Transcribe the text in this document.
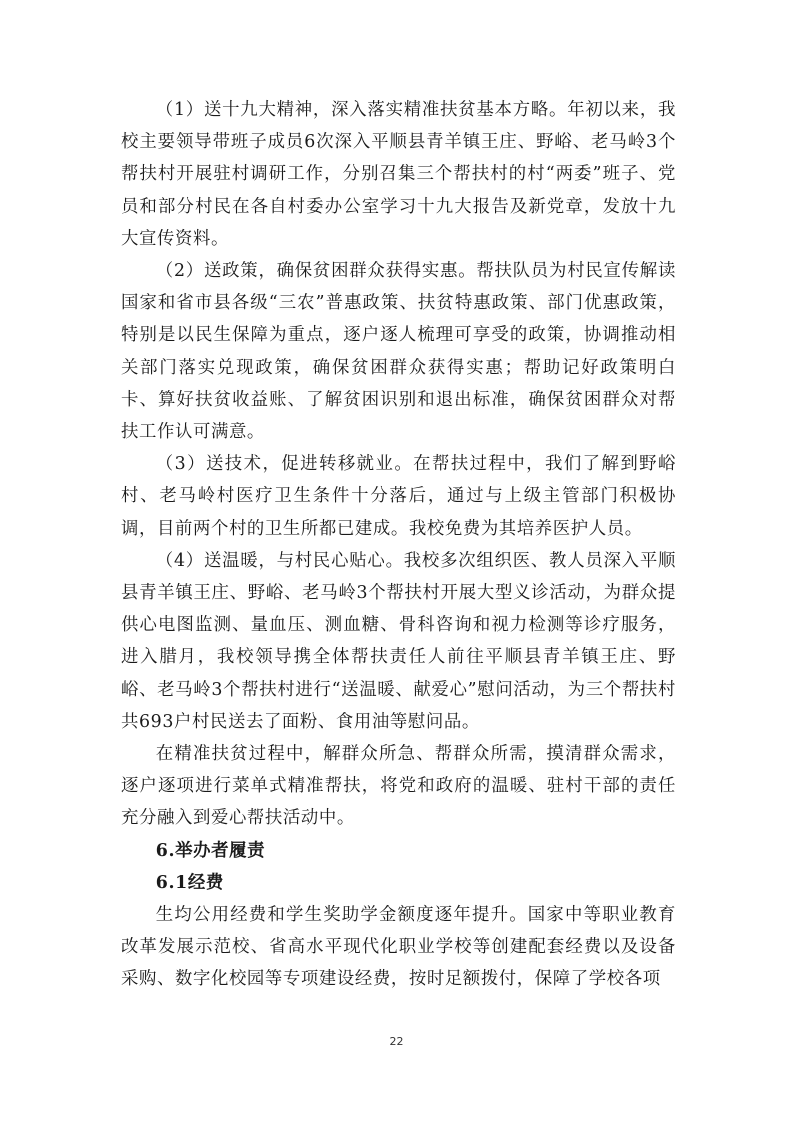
（1）送十九大精神，深入落实精准扶贫基本方略。年初以来，我校主要领导带班子成员6次深入平顺县青羊镇王庄、野峪、老马岭3个帮扶村开展驻村调研工作，分别召集三个帮扶村的村“两委”班子、党员和部分村民在各自村委办公室学习十九大报告及新党章，发放十九大宣传资料。

（2）送政策，确保贫困群众获得实惠。帮扶队员为村民宣传解读国家和省市县各级“三农”普惠政策、扶贫特惠政策、部门优惠政策，特别是以民生保障为重点，逐户逐人梳理可享受的政策，协调推动相关部门落实兑现政策，确保贫困群众获得实惠；帮助记好政策明白卡、算好扶贫收益账、了解贫困识别和退出标准，确保贫困群众对帮扶工作认可满意。

（3）送技术，促进转移就业。在帮扶过程中，我们了解到野峪村、老马岭村医疗卫生条件十分落后，通过与上级主管部门积极协调，目前两个村的卫生所都已建成。我校免费为其培养医护人员。

（4）送温暖，与村民心贴心。我校多次组织医、教人员深入平顺县青羊镇王庄、野峪、老马岭3个帮扶村开展大型义诊活动，为群众提供心电图监测、量血压、测血糖、骨科咨询和视力检测等诊疗服务，进入腊月，我校领导携全体帮扶责任人前往平顺县青羊镇王庄、野峪、老马岭3个帮扶村进行“送温暖、献爱心”慰问活动，为三个帮扶村共693户村民送去了面粉、食用油等慰问品。

在精准扶贫过程中，解群众所急、帮群众所需，摸清群众需求，逐户逐项进行菜单式精准帮扶，将党和政府的温暖、驻村干部的责任充分融入到爱心帮扶活动中。

6.举办者履责

6.1经费

生均公用经费和学生奖助学金额度逐年提升。国家中等职业教育改革发展示范校、省高水平现代化职业学校等创建配套经费以及设备采购、数字化校园等专项建设经费，按时足额拨付，保障了学校各项

22
